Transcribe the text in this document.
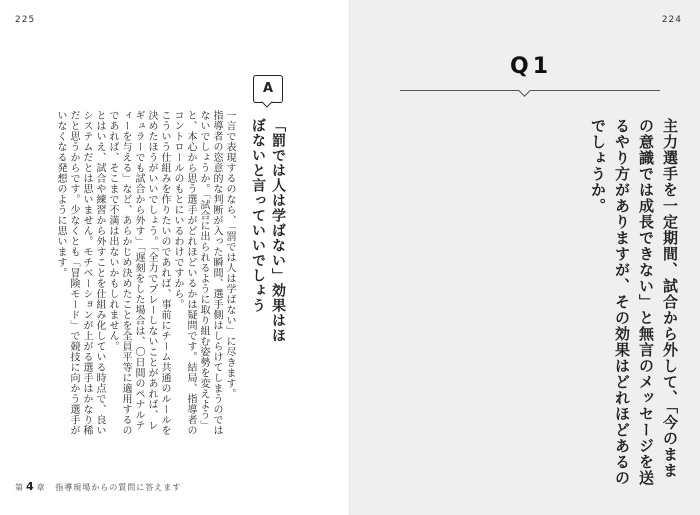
225
A
「罰では人は学ばない」効果はほぼないと言っていいでしょう

一言で表現するのなら、「罰では人は学ばない」に尽きます。

指導者の恣意的な判断が入った瞬間、選手側はしらけてしまうのではないでしょうか。「試合に出られるように取り組む姿勢を変えよう」と、本心から思う選手がどれほどいるかは疑問です。結局、指導者のコントロールのもとにいるわけですから。

こういう仕組みを作りたいのであれば、事前にチーム共通のルールを決めたほうがいいでしょう。「全力でプレーしないことがあれば、レギュラーでも試合から外す」「遅刻をした場合は、〇日間のペナルティーを与える」など、あらかじめ決めたことを全員平等に適用するのであれば、そこまで不満は出ないかもしれません。

とはいえ、試合や練習から外すことを仕組み化している時点で、良いシステムだとは思いません。モチベーションが上がる選手はかなり稀だと思うからです。少なくとも「冒険モード」で競技に向かう選手がいなくなる発想のように思います。

第 4 章 指導現場からの質問に答えます
224
Q1
主力選手を一定期間、試合から外して、「今のままの意識では成長できない」と無言のメッセージを送るやり方がありますが、その効果はどれほどあるのでしょうか。
